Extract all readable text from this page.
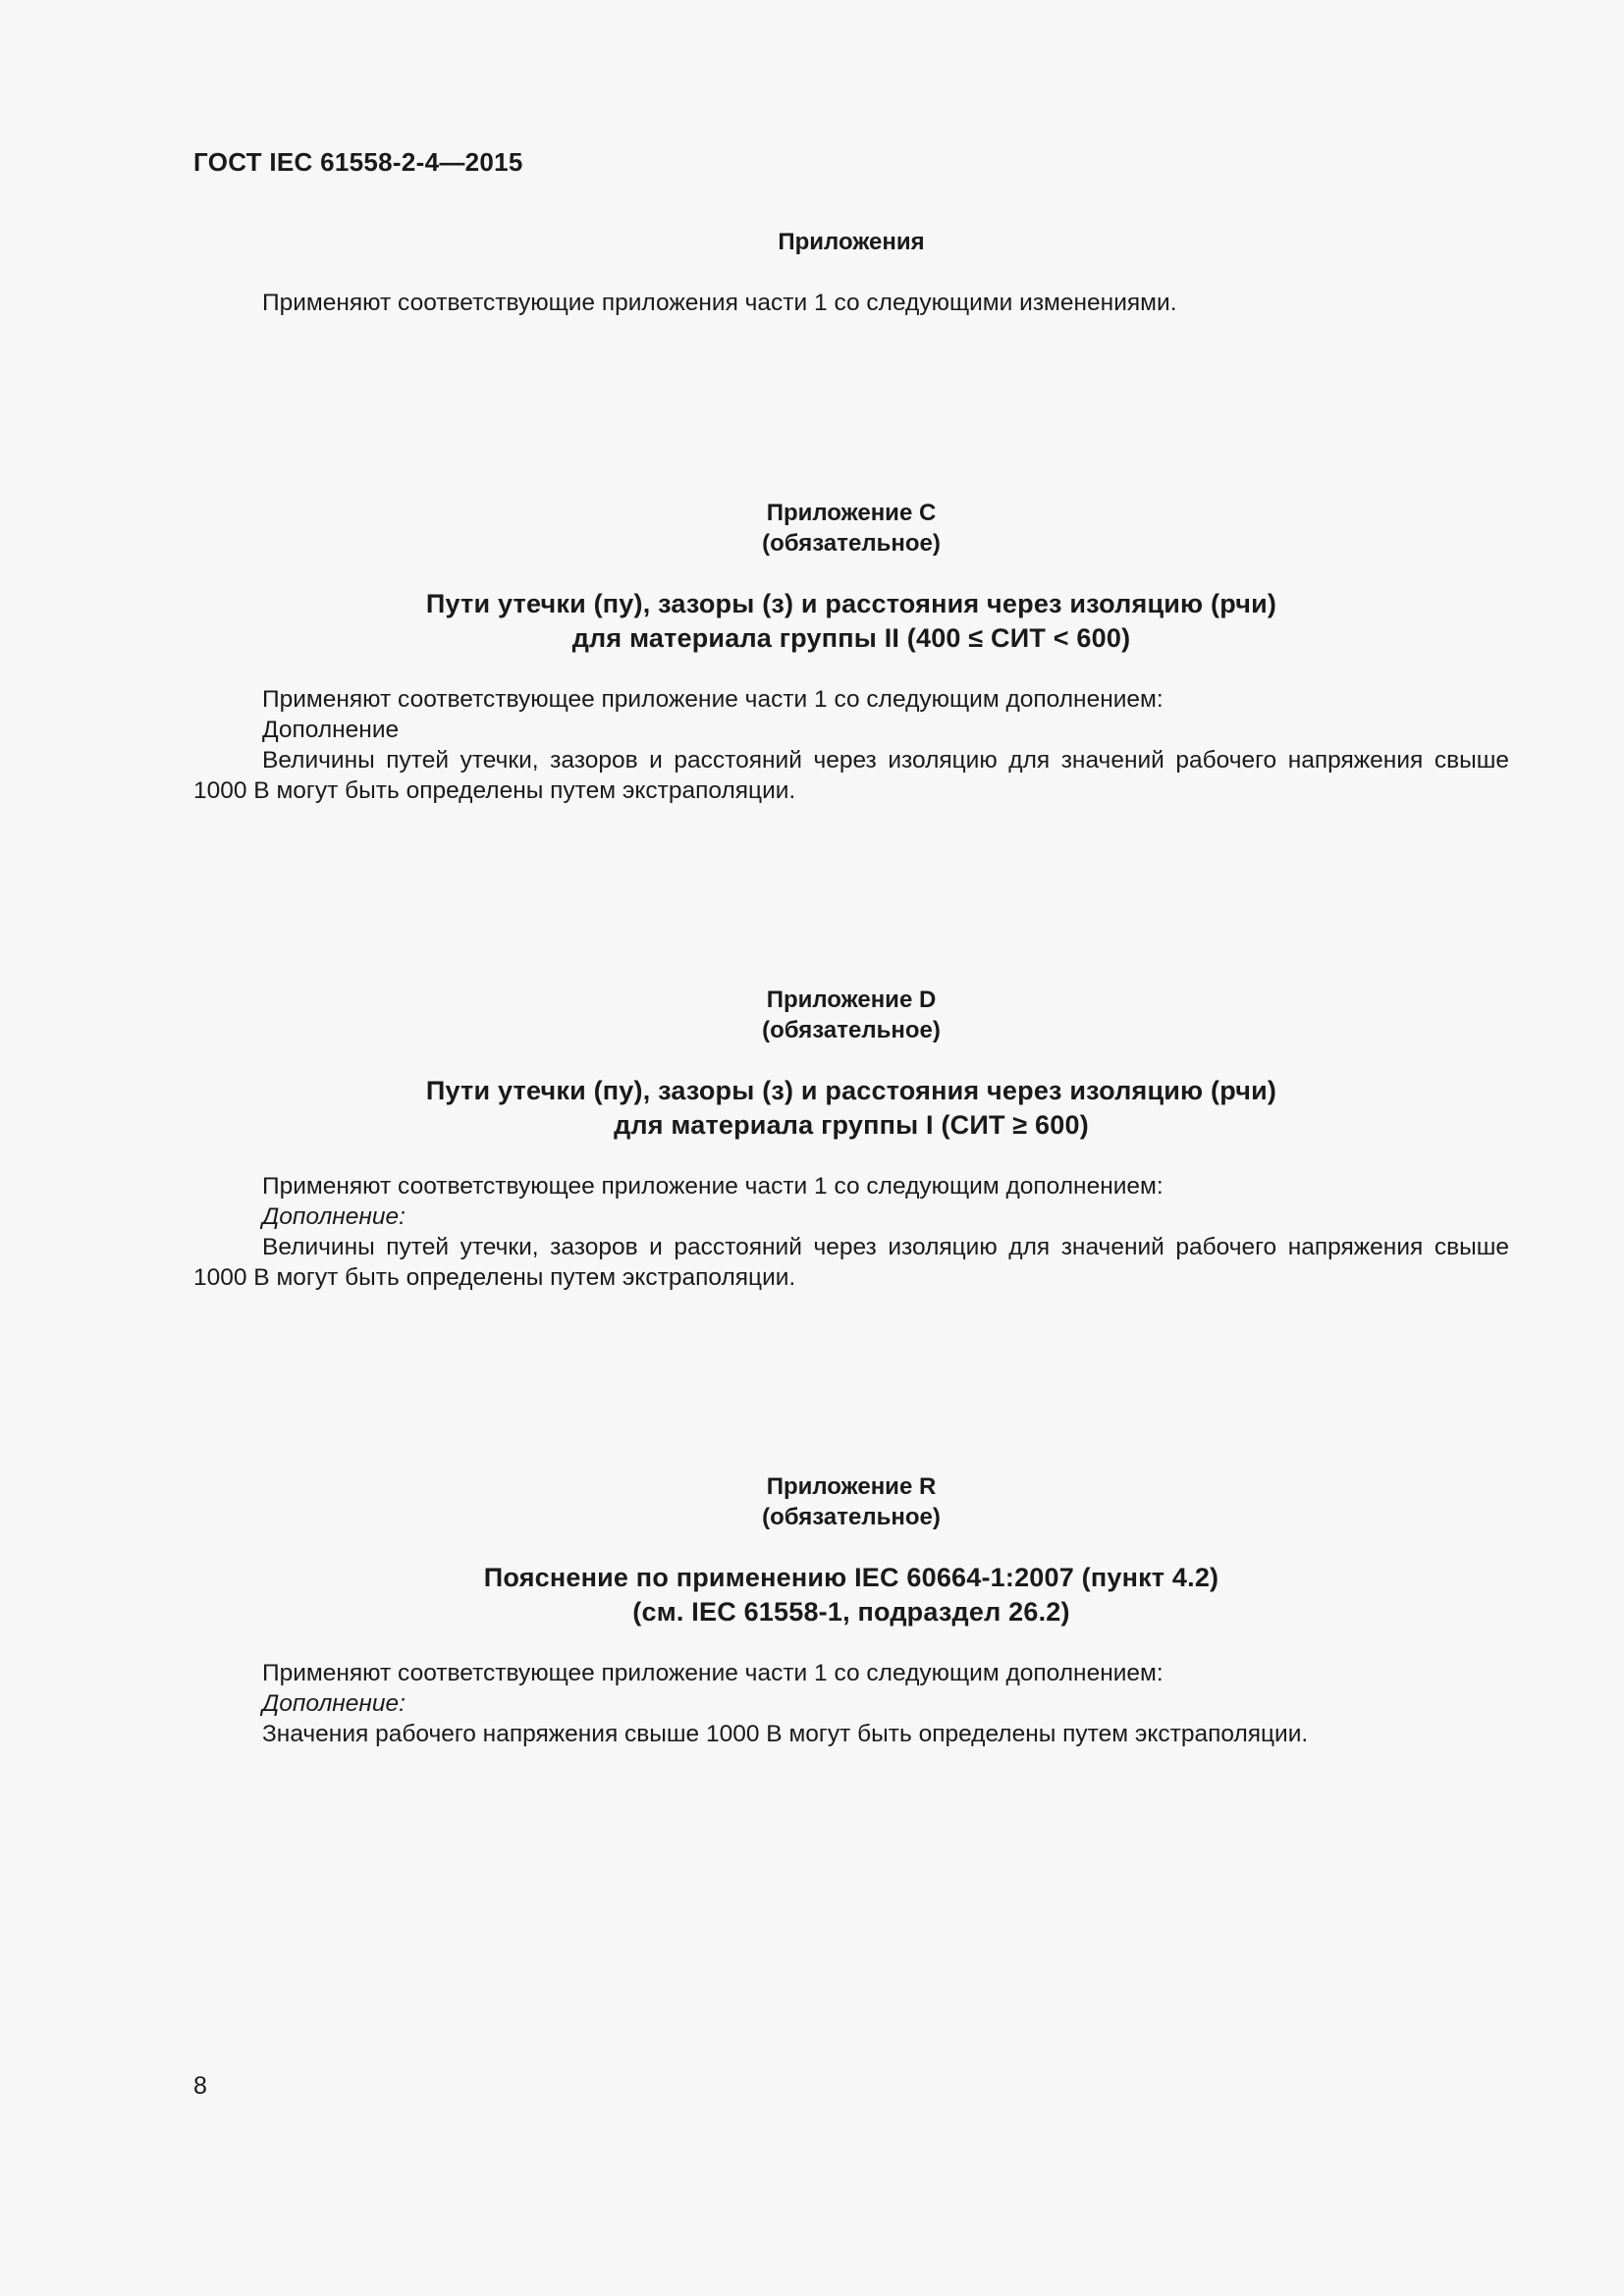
ГОСТ IEC 61558-2-4—2015
Приложения
Применяют соответствующие приложения части 1 со следующими изменениями.
Приложение С
(обязательное)
Пути утечки (пу), зазоры (з) и расстояния через изоляцию (рчи)
для материала группы II (400 ≤ СИТ < 600)
Применяют соответствующее приложение части 1 со следующим дополнением:
Дополнение
Величины путей утечки, зазоров и расстояний через изоляцию для значений рабочего напряжения свыше 1000 В могут быть определены путем экстраполяции.
Приложение D
(обязательное)
Пути утечки (пу), зазоры (з) и расстояния через изоляцию (рчи)
для материала группы I (СИТ ≥ 600)
Применяют соответствующее приложение части 1 со следующим дополнением:
Дополнение:
Величины путей утечки, зазоров и расстояний через изоляцию для значений рабочего напряжения свыше 1000 В могут быть определены путем экстраполяции.
Приложение R
(обязательное)
Пояснение по применению IEC 60664-1:2007 (пункт 4.2)
(см. IEC 61558-1, подраздел 26.2)
Применяют соответствующее приложение части 1 со следующим дополнением:
Дополнение:
Значения рабочего напряжения свыше 1000 В могут быть определены путем экстраполяции.
8
